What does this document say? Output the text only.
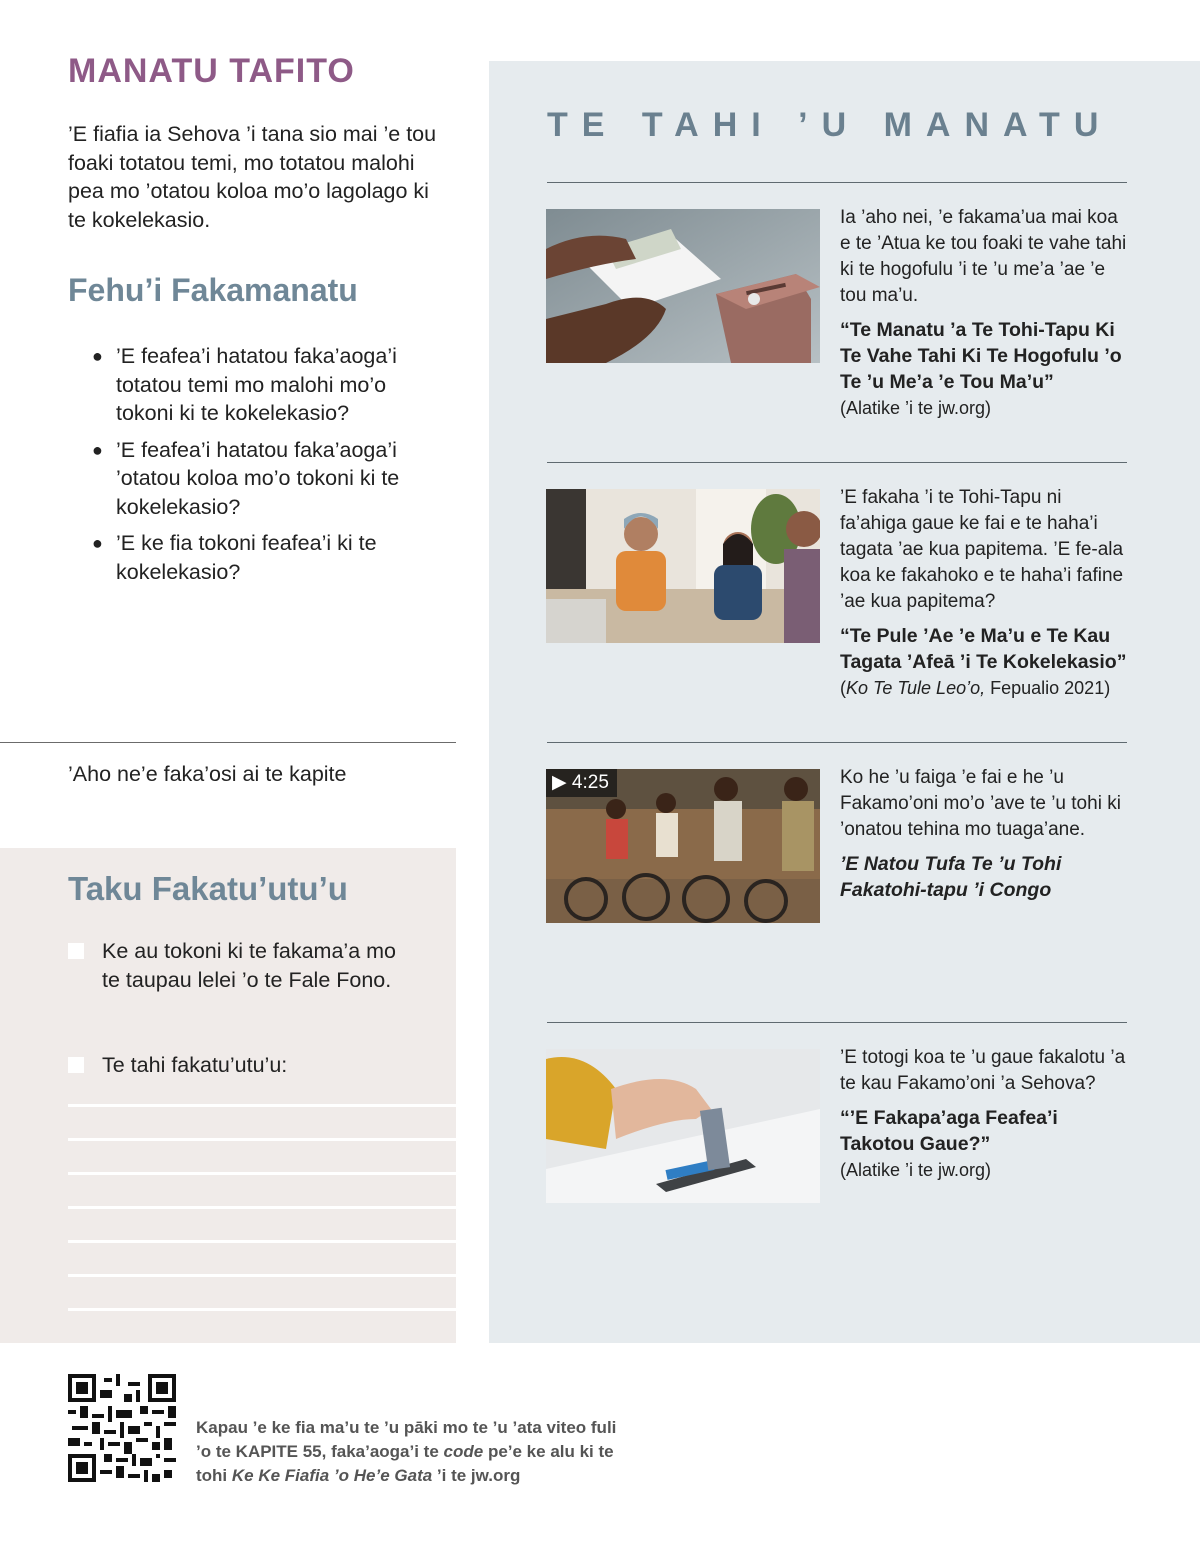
MANATU TAFITO
’E fiafia ia Sehova ’i tana sio mai ’e tou foaki totatou temi, mo totatou malohi pea mo ’otatou koloa mo’o lagolago ki te kokelekasio.
Fehu’i Fakamanatu
● ’E feafea’i hatatou faka’aoga’i totatou temi mo malohi mo’o tokoni ki te kokelekasio?
● ’E feafea’i hatatou faka’aoga’i ’otatou koloa mo’o tokoni ki te kokelekasio?
● ’E ke fia tokoni feafea’i ki te kokelekasio?
’Aho ne’e faka’osi ai te kapite
Taku Fakatu’utu’u
Ke au tokoni ki te fakama’a mo te taupau lelei ’o te Fale Fono.
Te tahi fakatu’utu’u:
TE TAHI ’U MANATU
Ia ’aho nei, ’e fakama’ua mai koa e te ’Atua ke tou foaki te vahe tahi ki te hogofulu ’i te ’u me’a ’ae ’e tou ma’u.
“Te Manatu ’a Te Tohi-Tapu Ki Te Vahe Tahi Ki Te Hogofulu ’o Te ’u Me’a ’e Tou Ma’u”
(Alatike ’i te jw.org)
’E fakaha ’i te Tohi-Tapu ni fa’ahiga gaue ke fai e te haha’i tagata ’ae kua papitema. ’E fe-ala koa ke fakahoko e te haha’i fafine ’ae kua papitema?
“Te Pule ’Ae ’e Ma’u e Te Kau Tagata ’Afeā ’i Te Kokelekasio”
(Ko Te Tule Leo’o, Fepualio 2021)
▶ 4:25	Ko he ’u faiga ’e fai e he ’u Fakamo’oni mo’o ’ave te ’u tohi ki ’onatou tehina mo tuaga’ane.
’E Natou Tufa Te ’u Tohi Fakatohi-tapu ’i Congo
’E totogi koa te ’u gaue fakalotu ’a te kau Fakamo’oni ’a Sehova?
“’E Fakapa’aga Feafea’i Takotou Gaue?”
(Alatike ’i te jw.org)
Kapau ’e ke fia ma’u te ’u pāki mo te ’u ’ata viteo fuli
’o te KAPITE 55, faka’aoga’i te code pe’e ke alu ki te
tohi Ke Ke Fiafia ’o He’e Gata ’i te jw.org
